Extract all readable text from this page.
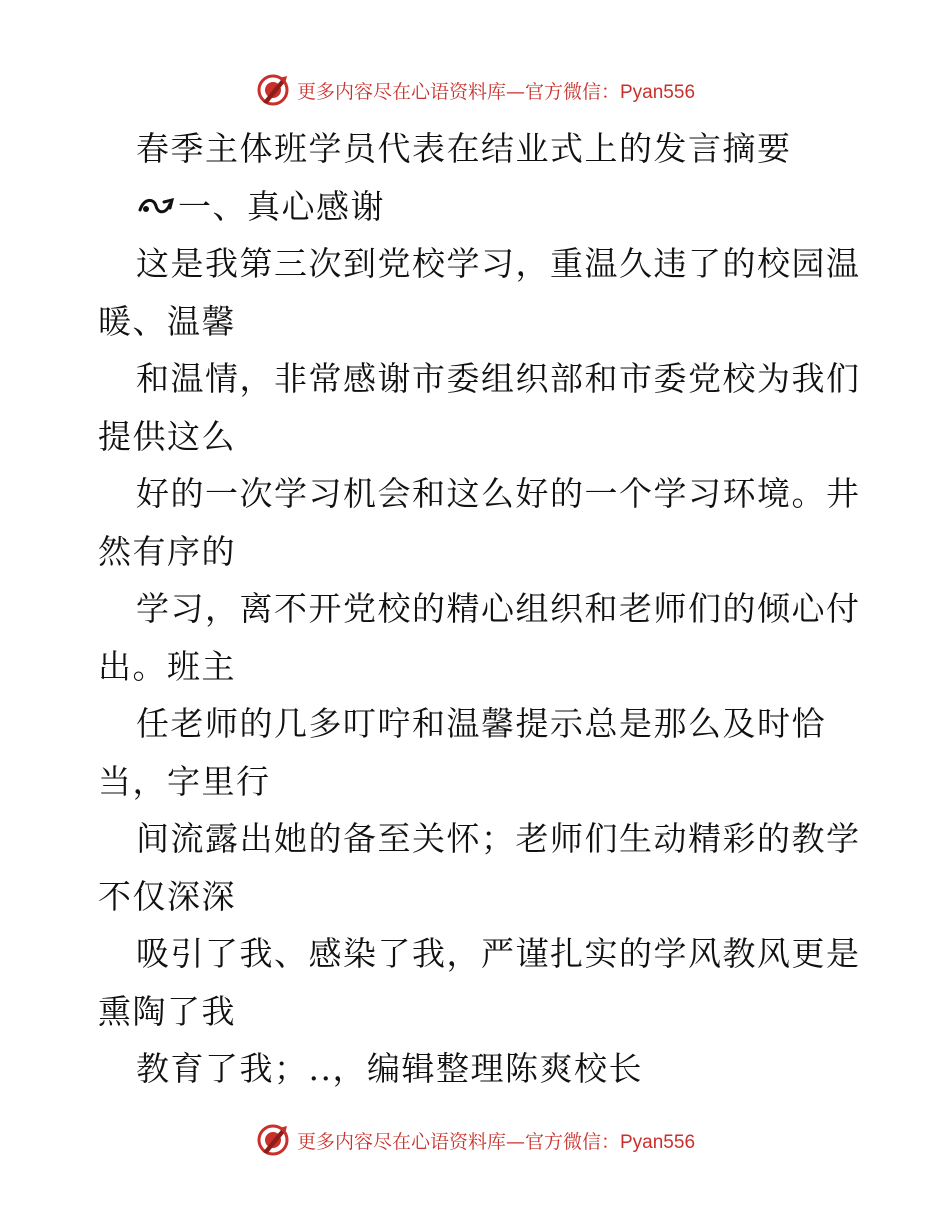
更多内容尽在心语资料库—官方微信：Pyan556
春季主体班学员代表在结业式上的发言摘要
一、真心感谢
这是我第三次到党校学习，重温久违了的校园温
暖、温馨
和温情，非常感谢市委组织部和市委党校为我们
提供这么
好的一次学习机会和这么好的一个学习环境。井
然有序的
学习，离不开党校的精心组织和老师们的倾心付
出。班主
任老师的几多叮咛和温馨提示总是那么及时恰
当，字里行
间流露出她的备至关怀；老师们生动精彩的教学
不仅深深
吸引了我、感染了我，严谨扎实的学风教风更是
熏陶了我
教育了我；..，编辑整理陈爽校长
更多内容尽在心语资料库—官方微信：Pyan556
